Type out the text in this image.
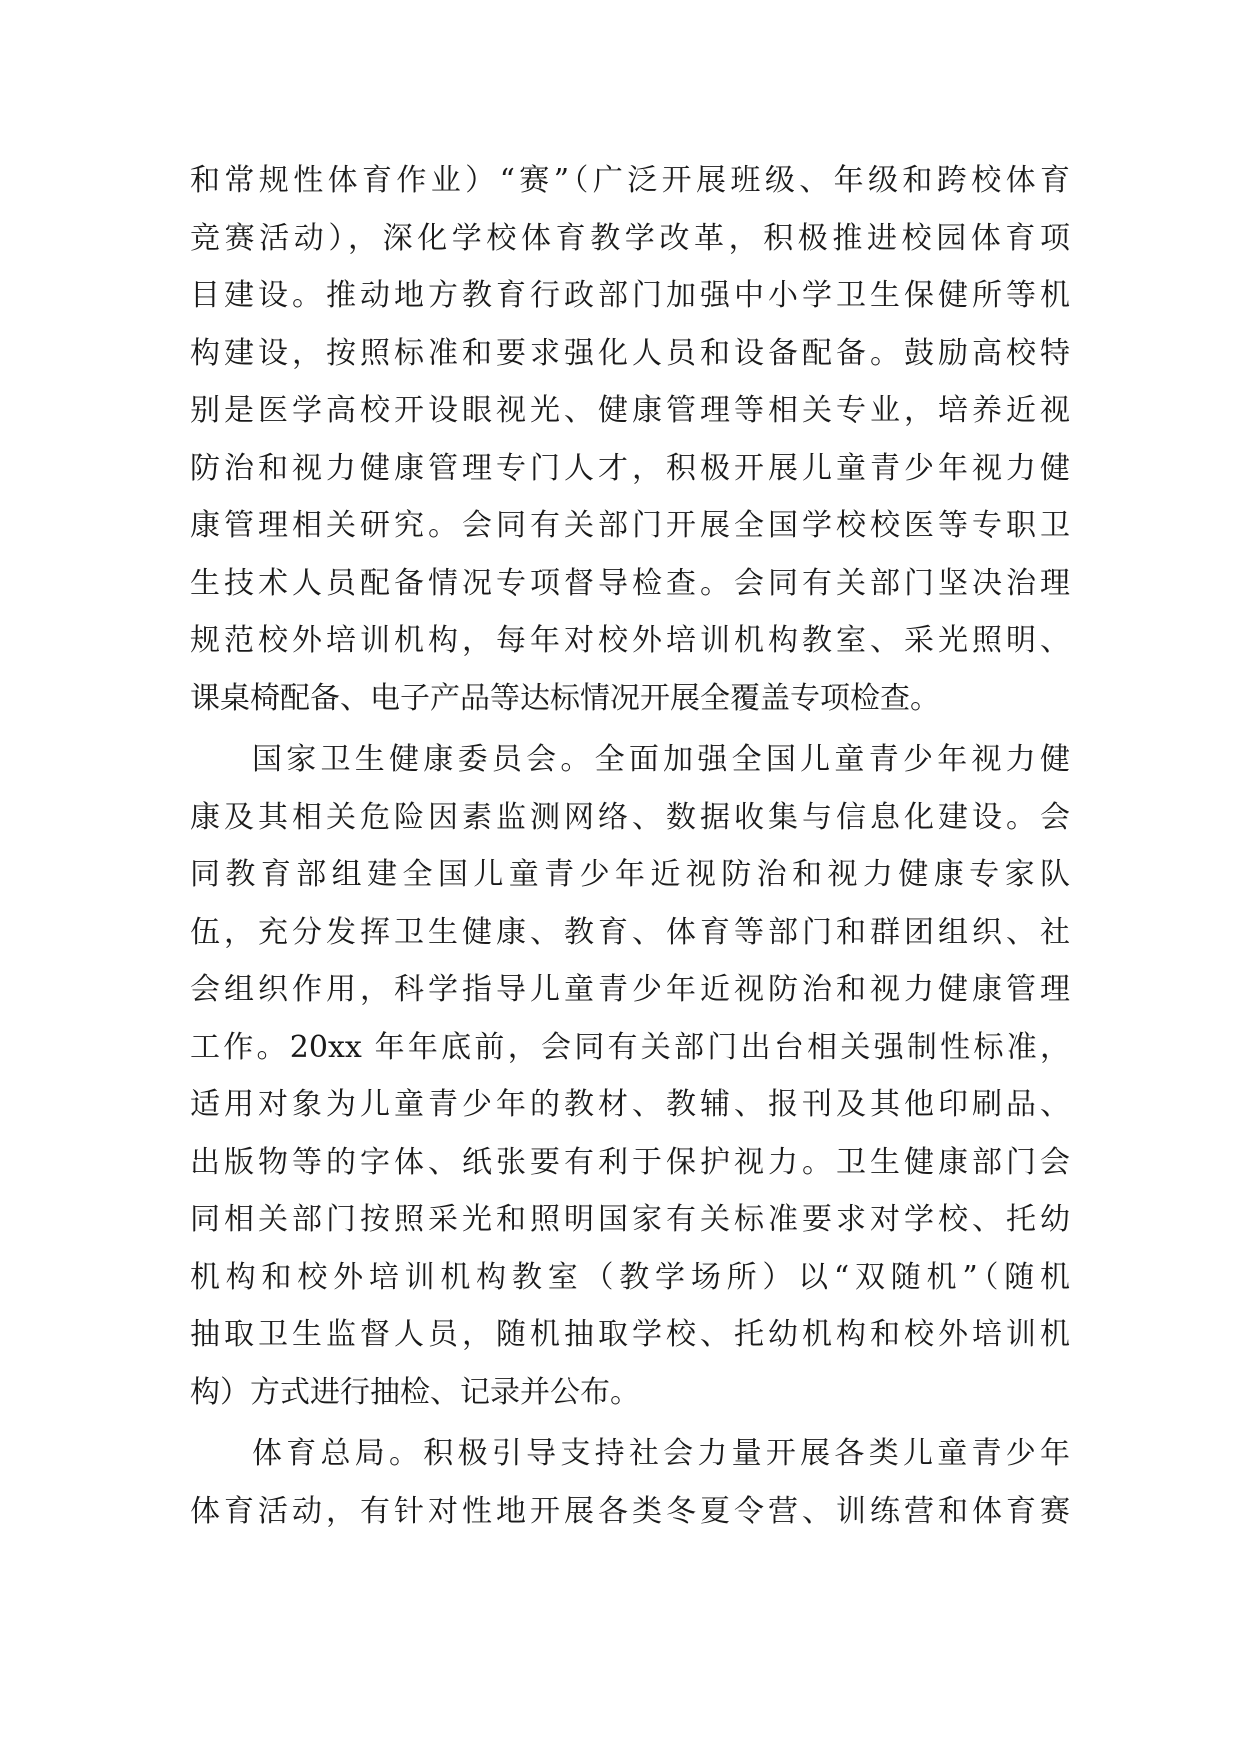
和常规性体育作业）“赛”（广泛开展班级、年级和跨校体育
竞赛活动），深化学校体育教学改革，积极推进校园体育项
目建设。推动地方教育行政部门加强中小学卫生保健所等机
构建设，按照标准和要求强化人员和设备配备。鼓励高校特
别是医学高校开设眼视光、健康管理等相关专业，培养近视
防治和视力健康管理专门人才，积极开展儿童青少年视力健
康管理相关研究。会同有关部门开展全国学校校医等专职卫
生技术人员配备情况专项督导检查。会同有关部门坚决治理
规范校外培训机构，每年对校外培训机构教室、采光照明、
课桌椅配备、电子产品等达标情况开展全覆盖专项检查。
国家卫生健康委员会。全面加强全国儿童青少年视力健
康及其相关危险因素监测网络、数据收集与信息化建设。会
同教育部组建全国儿童青少年近视防治和视力健康专家队
伍，充分发挥卫生健康、教育、体育等部门和群团组织、社
会组织作用，科学指导儿童青少年近视防治和视力健康管理
工作。20xx 年年底前，会同有关部门出台相关强制性标准，
适用对象为儿童青少年的教材、教辅、报刊及其他印刷品、
出版物等的字体、纸张要有利于保护视力。卫生健康部门会
同相关部门按照采光和照明国家有关标准要求对学校、托幼
机构和校外培训机构教室（教学场所）以“双随机”（随机
抽取卫生监督人员，随机抽取学校、托幼机构和校外培训机
构）方式进行抽检、记录并公布。
体育总局。积极引导支持社会力量开展各类儿童青少年
体育活动，有针对性地开展各类冬夏令营、训练营和体育赛
